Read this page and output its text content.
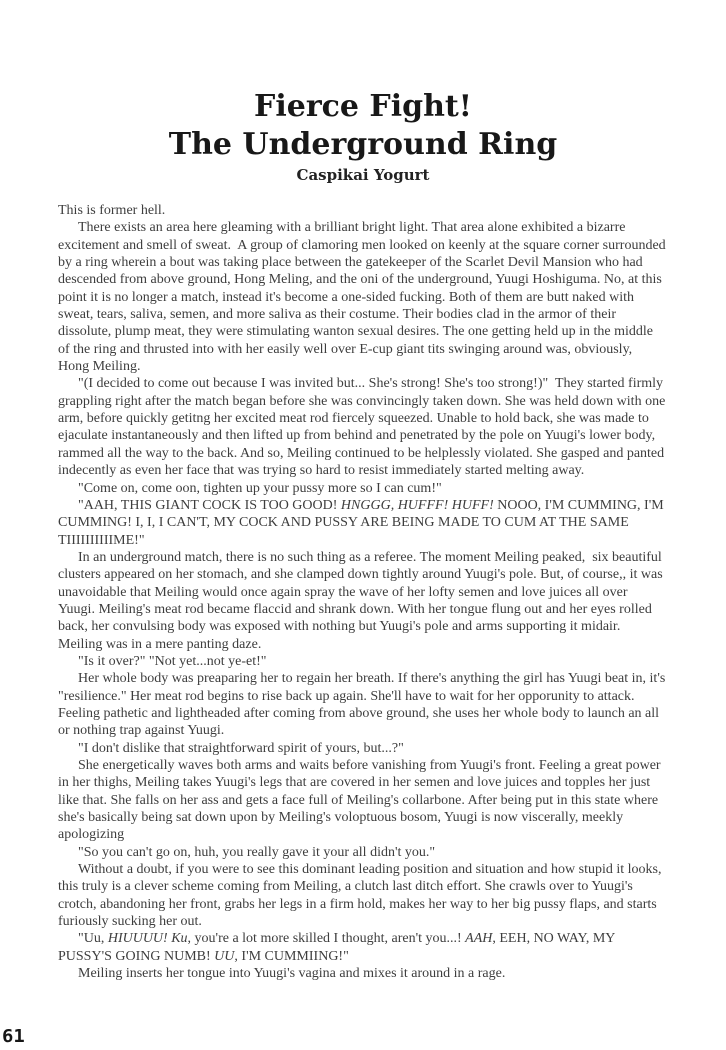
Fierce Fight!
The Underground Ring
Caspikai Yogurt

This is former hell.

There exists an area here gleaming with a brilliant bright light. That area alone exhibited a bizarre excitement and smell of sweat.  A group of clamoring men looked on keenly at the square corner surrounded by a ring wherein a bout was taking place between the gatekeeper of the Scarlet Devil Mansion who had descended from above ground, Hong Meling, and the oni of the underground, Yuugi Hoshiguma. No, at this point it is no longer a match, instead it's become a one-sided fucking. Both of them are butt naked with sweat, tears, saliva, semen, and more saliva as their costume. Their bodies clad in the armor of their dissolute, plump meat, they were stimulating wanton sexual desires. The one getting held up in the middle of the ring and thrusted into with her easily well over E-cup giant tits swinging around was, obviously, Hong Meiling.

"(I decided to come out because I was invited but... She's strong! She's too strong!)"  They started firmly grappling right after the match began before she was convincingly taken down. She was held down with one arm, before quickly getitng her excited meat rod fiercely squeezed. Unable to hold back, she was made to ejaculate instantaneously and then lifted up from behind and penetrated by the pole on Yuugi's lower body, rammed all the way to the back. And so, Meiling continued to be helplessly violated. She gasped and panted indecently as even her face that was trying so hard to resist immediately started melting away.

"Come on, come oon, tighten up your pussy more so I can cum!"

"AAH, THIS GIANT COCK IS TOO GOOD! HNGGG, HUFFF! HUFF! NOOO, I'M CUMMING, I'M CUMMING! I, I, I CAN'T, MY COCK AND PUSSY ARE BEING MADE TO CUM AT THE SAME TIIIIIIIIIIME!"

In an underground match, there is no such thing as a referee. The moment Meiling peaked,  six beautiful clusters appeared on her stomach, and she clamped down tightly around Yuugi's pole. But, of course,, it was unavoidable that Meiling would once again spray the wave of her lofty semen and love juices all over Yuugi. Meiling's meat rod became flaccid and shrank down. With her tongue flung out and her eyes rolled back, her convulsing body was exposed with nothing but Yuugi's pole and arms supporting it midair. Meiling was in a mere panting daze.

"Is it over?" "Not yet...not ye-et!"

Her whole body was preaparing her to regain her breath. If there's anything the girl has Yuugi beat in, it's "resilience." Her meat rod begins to rise back up again. She'll have to wait for her opporunity to attack. Feeling pathetic and lightheaded after coming from above ground, she uses her whole body to launch an all or nothing trap against Yuugi.

"I don't dislike that straightforward spirit of yours, but...?"

She energetically waves both arms and waits before vanishing from Yuugi's front. Feeling a great power in her thighs, Meiling takes Yuugi's legs that are covered in her semen and love juices and topples her just like that. She falls on her ass and gets a face full of Meiling's collarbone. After being put in this state where she's basically being sat down upon by Meiling's voloptuous bosom, Yuugi is now viscerally, meekly apologizing

"So you can't go on, huh, you really gave it your all didn't you."

Without a doubt, if you were to see this dominant leading position and situation and how stupid it looks, this truly is a clever scheme coming from Meiling, a clutch last ditch effort. She crawls over to Yuugi's crotch, abandoning her front, grabs her legs in a firm hold, makes her way to her big pussy flaps, and starts furiously sucking her out.

"Uu, HIUUUU! Ku, you're a lot more skilled I thought, aren't you...! AAH, EEH, NO WAY, MY PUSSY'S GOING NUMB! UU, I'M CUMMIING!"

Meiling inserts her tongue into Yuugi's vagina and mixes it around in a rage.

61
